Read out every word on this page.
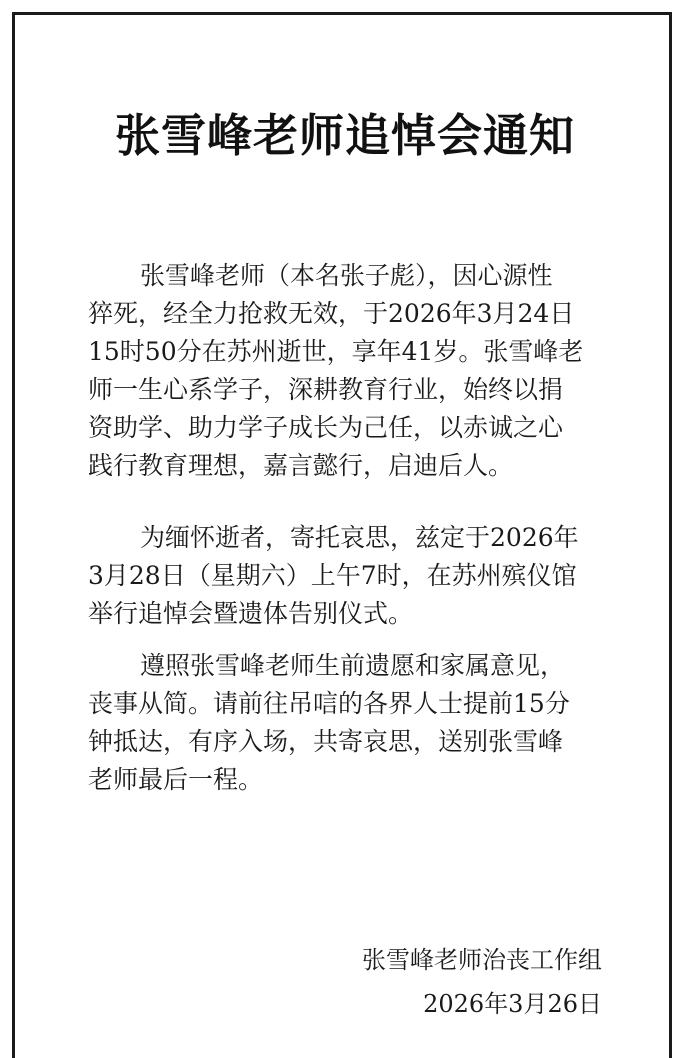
张雪峰老师追悼会通知
张雪峰老师（本名张子彪），因心源性
猝死，经全力抢救无效，于2026年3月24日
15时50分在苏州逝世，享年41岁。张雪峰老
师一生心系学子，深耕教育行业，始终以捐
资助学、助力学子成长为己任，以赤诚之心
践行教育理想，嘉言懿行，启迪后人。
为缅怀逝者，寄托哀思，兹定于2026年
3月28日（星期六）上午7时，在苏州殡仪馆
举行追悼会暨遗体告别仪式。
遵照张雪峰老师生前遗愿和家属意见，
丧事从简。请前往吊唁的各界人士提前15分
钟抵达，有序入场，共寄哀思，送别张雪峰
老师最后一程。
张雪峰老师治丧工作组
2026年3月26日
